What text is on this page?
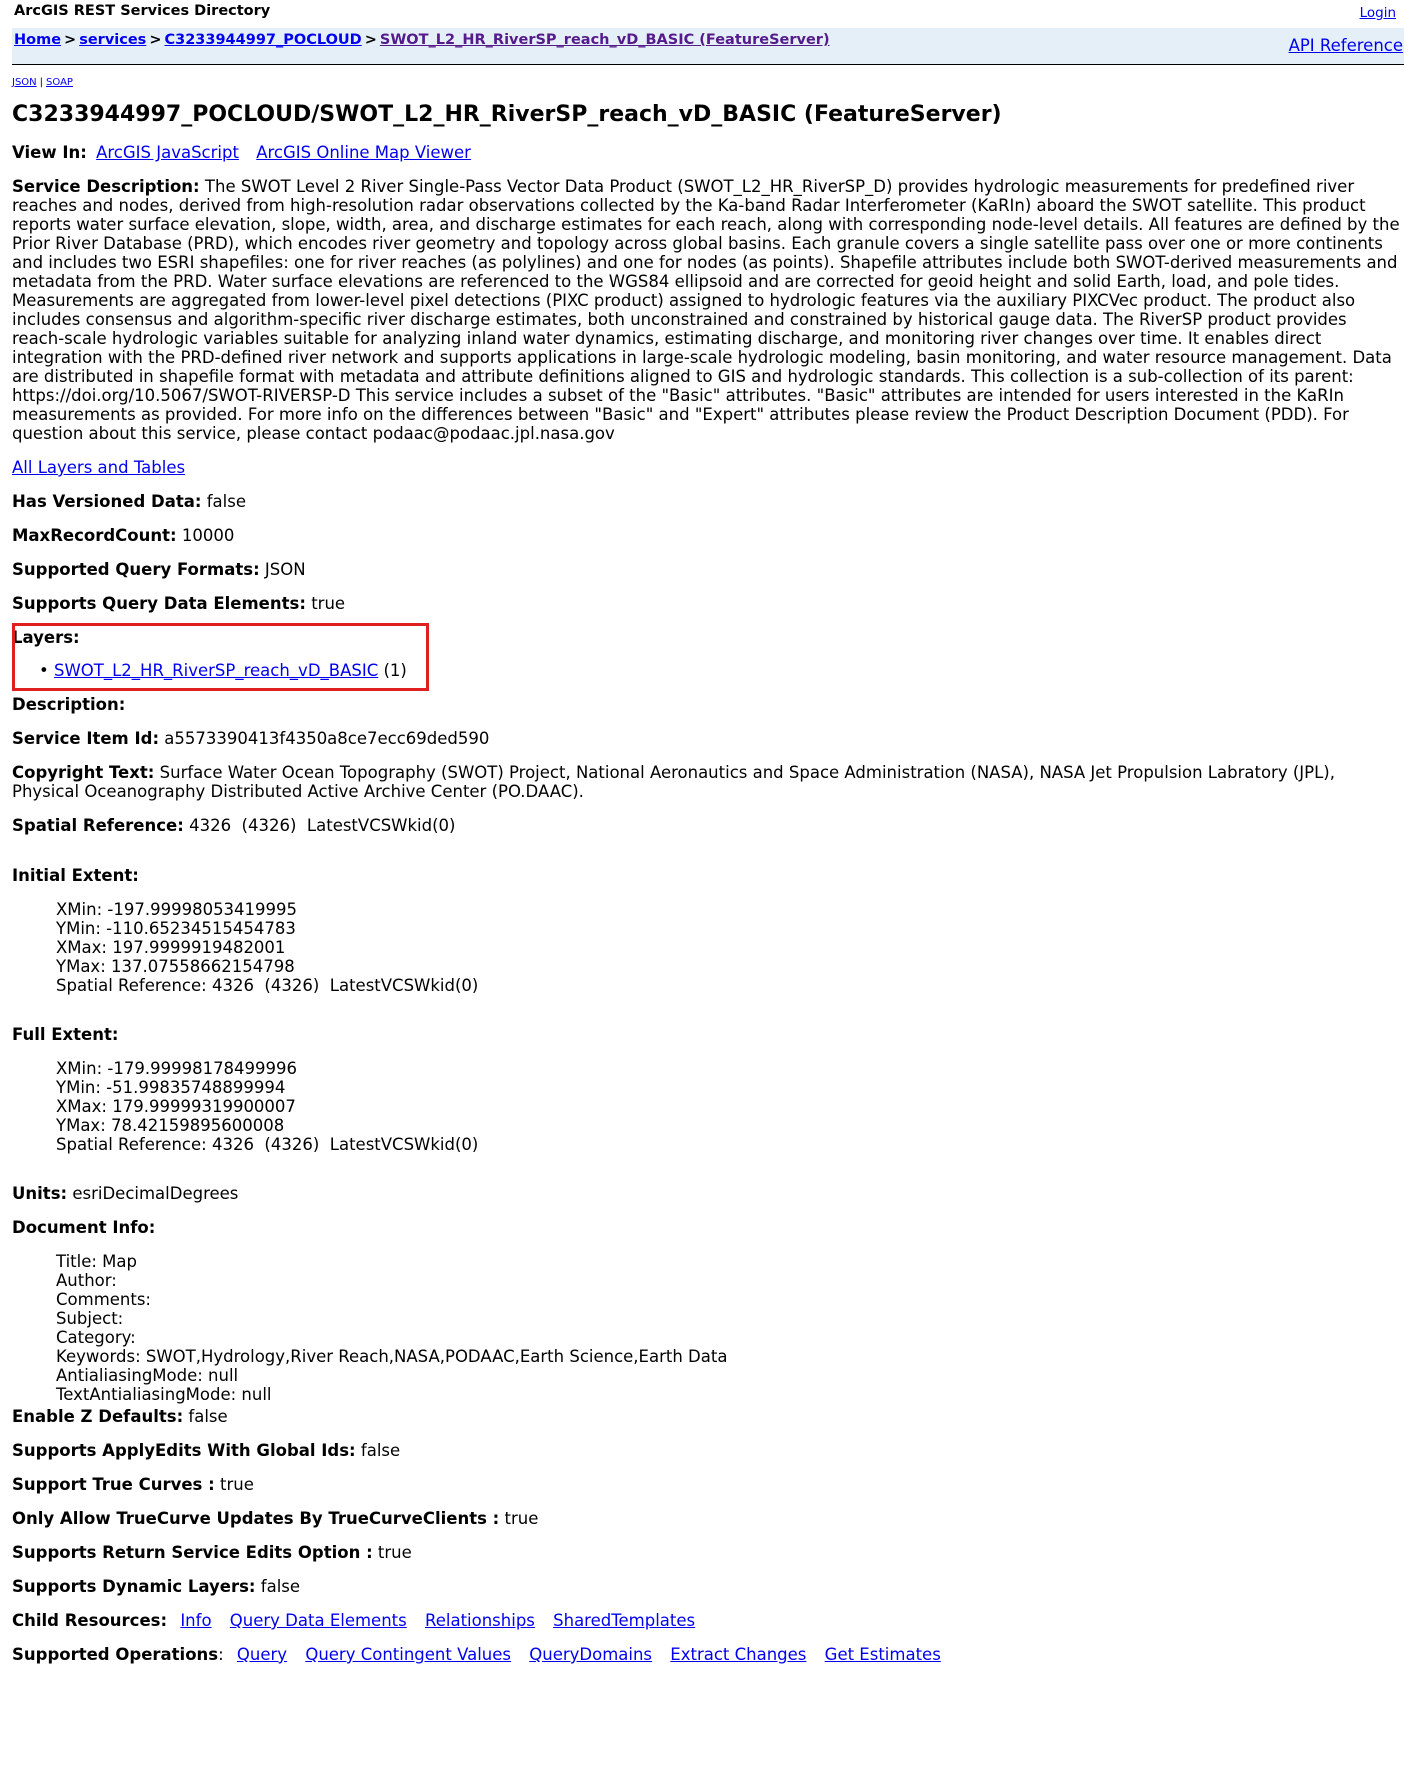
ArcGIS REST Services Directory	Login
Home > services > C3233944997_POCLOUD > SWOT_L2_HR_RiverSP_reach_vD_BASIC (FeatureServer)	API Reference
JSON | SOAP
C3233944997_POCLOUD/SWOT_L2_HR_RiverSP_reach_vD_BASIC (FeatureServer)
View In: ArcGIS JavaScript ArcGIS Online Map Viewer
Service Description: The SWOT Level 2 River Single-Pass Vector Data Product (SWOT_L2_HR_RiverSP_D) provides hydrologic measurements for predefined river reaches and nodes, derived from high-resolution radar observations collected by the Ka-band Radar Interferometer (KaRIn) aboard the SWOT satellite. This product reports water surface elevation, slope, width, area, and discharge estimates for each reach, along with corresponding node-level details. All features are defined by the Prior River Database (PRD), which encodes river geometry and topology across global basins. Each granule covers a single satellite pass over one or more continents and includes two ESRI shapefiles: one for river reaches (as polylines) and one for nodes (as points). Shapefile attributes include both SWOT-derived measurements and metadata from the PRD. Water surface elevations are referenced to the WGS84 ellipsoid and are corrected for geoid height and solid Earth, load, and pole tides. Measurements are aggregated from lower-level pixel detections (PIXC product) assigned to hydrologic features via the auxiliary PIXCVec product. The product also includes consensus and algorithm-specific river discharge estimates, both unconstrained and constrained by historical gauge data. The RiverSP product provides reach-scale hydrologic variables suitable for analyzing inland water dynamics, estimating discharge, and monitoring river changes over time. It enables direct integration with the PRD-defined river network and supports applications in large-scale hydrologic modeling, basin monitoring, and water resource management. Data are distributed in shapefile format with metadata and attribute definitions aligned to GIS and hydrologic standards. This collection is a sub-collection of its parent: https://doi.org/10.5067/SWOT-RIVERSP-D This service includes a subset of the "Basic" attributes. "Basic" attributes are intended for users interested in the KaRIn measurements as provided. For more info on the differences between "Basic" and "Expert" attributes please review the Product Description Document (PDD). For question about this service, please contact podaac@podaac.jpl.nasa.gov
All Layers and Tables
Has Versioned Data: false
MaxRecordCount: 10000
Supported Query Formats: JSON
Supports Query Data Elements: true
Layers:
• SWOT_L2_HR_RiverSP_reach_vD_BASIC (1)
Description:
Service Item Id: a5573390413f4350a8ce7ecc69ded590
Copyright Text: Surface Water Ocean Topography (SWOT) Project, National Aeronautics and Space Administration (NASA), NASA Jet Propulsion Labratory (JPL), Physical Oceanography Distributed Active Archive Center (PO.DAAC).
Spatial Reference: 4326  (4326)  LatestVCSWkid(0)
Initial Extent:
XMin: -197.99998053419995
YMin: -110.65234515454783
XMax: 197.9999919482001
YMax: 137.07558662154798
Spatial Reference: 4326  (4326)  LatestVCSWkid(0)
Full Extent:
XMin: -179.99998178499996
YMin: -51.99835748899994
XMax: 179.99999319900007
YMax: 78.42159895600008
Spatial Reference: 4326  (4326)  LatestVCSWkid(0)
Units: esriDecimalDegrees
Document Info:
Title: Map
Author:
Comments:
Subject:
Category:
Keywords: SWOT,Hydrology,River Reach,NASA,PODAAC,Earth Science,Earth Data
AntialiasingMode: null
TextAntialiasingMode: null
Enable Z Defaults: false
Supports ApplyEdits With Global Ids: false
Support True Curves : true
Only Allow TrueCurve Updates By TrueCurveClients : true
Supports Return Service Edits Option : true
Supports Dynamic Layers: false
Child Resources: Info Query Data Elements Relationships SharedTemplates
Supported Operations: Query Query Contingent Values QueryDomains Extract Changes Get Estimates
